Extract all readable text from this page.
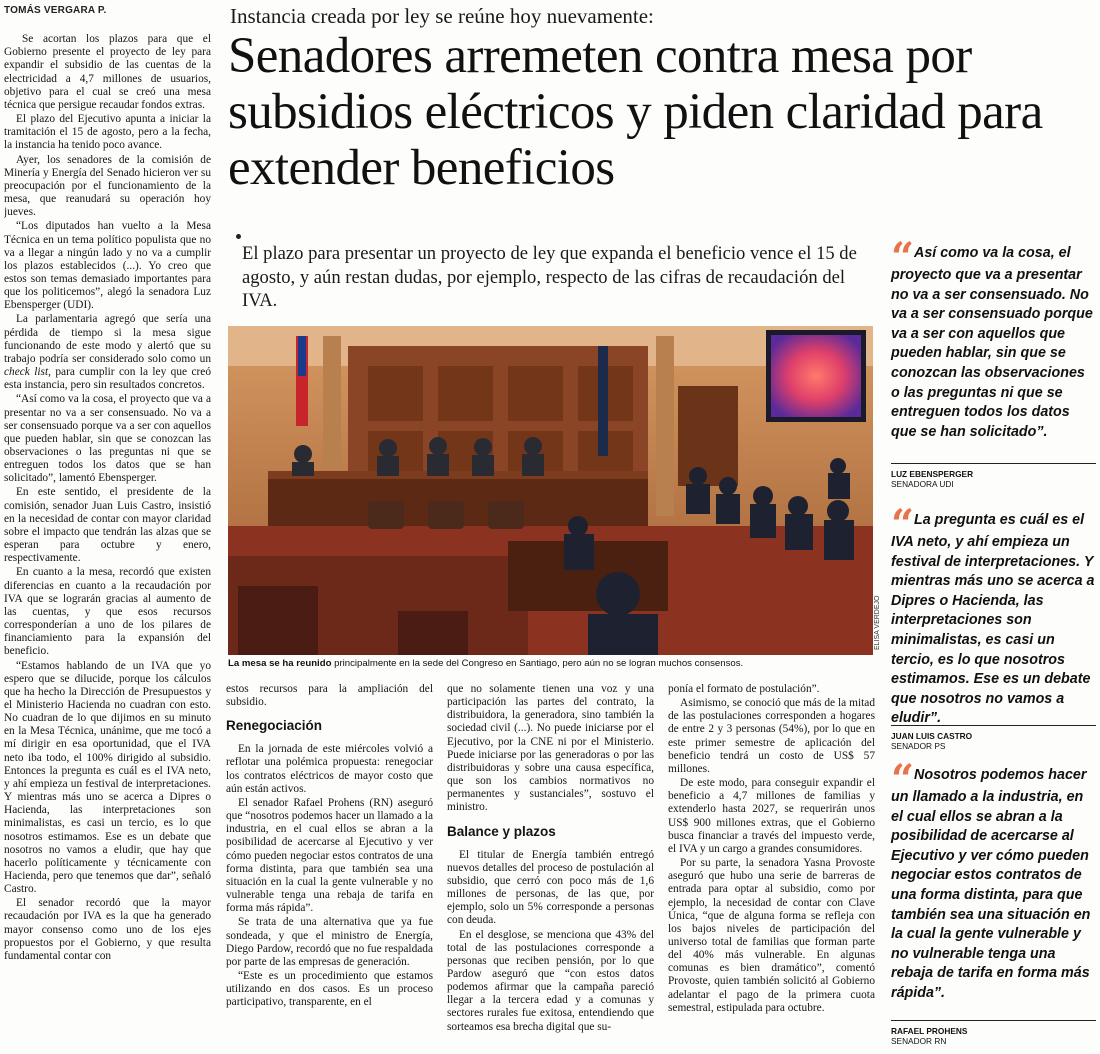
TOMÁS VERGARA P.

Se acortan los plazos para que el Gobierno presente el proyecto de ley para expandir el subsidio de las cuentas de la electricidad a 4,7 millones de usuarios, objetivo para el cual se creó una mesa técnica que persigue recaudar fondos extras.

El plazo del Ejecutivo apunta a iniciar la tramitación el 15 de agosto, pero a la fecha, la instancia ha tenido poco avance.

Ayer, los senadores de la comisión de Minería y Energía del Senado hicieron ver su preocupación por el funcionamiento de la mesa, que reanudará su operación hoy jueves.

“Los diputados han vuelto a la Mesa Técnica en un tema político populista que no va a llegar a ningún lado y no va a cumplir los plazos establecidos (...). Yo creo que estos son temas demasiado importantes para que los politicemos”, alegó la senadora Luz Ebensperger (UDI).

La parlamentaria agregó que sería una pérdida de tiempo si la mesa sigue funcionando de este modo y alertó que su trabajo podría ser considerado solo como un check list, para cumplir con la ley que creó esta instancia, pero sin resultados concretos.

“Así como va la cosa, el proyecto que va a presentar no va a ser consensuado. No va a ser consensuado porque va a ser con aquellos que pueden hablar, sin que se conozcan las observaciones o las preguntas ni que se entreguen todos los datos que se han solicitado”, lamentó Ebensperger.

En este sentido, el presidente de la comisión, senador Juan Luis Castro, insistió en la necesidad de contar con mayor claridad sobre el impacto que tendrán las alzas que se esperan para octubre y enero, respectivamente.

En cuanto a la mesa, recordó que existen diferencias en cuanto a la recaudación por IVA que se lograrán gracias al aumento de las cuentas, y que esos recursos corresponderían a uno de los pilares de financiamiento para la expansión del beneficio.

“Estamos hablando de un IVA que yo espero que se dilucide, porque los cálculos que ha hecho la Dirección de Presupuestos y el Ministerio Hacienda no cuadran con esto. No cuadran de lo que dijimos en su minuto en la Mesa Técnica, unánime, que me tocó a mí dirigir en esa oportunidad, que el IVA neto iba todo, el 100% dirigido al subsidio. Entonces la pregunta es cuál es el IVA neto, y ahí empieza un festival de interpretaciones. Y mientras más uno se acerca a Dipres o Hacienda, las interpretaciones son minimalistas, es casi un tercio, es lo que nosotros estimamos. Ese es un debate que nosotros no vamos a eludir, que hay que hacerlo políticamente y técnicamente con Hacienda, pero que tenemos que dar”, señaló Castro.

El senador recordó que la mayor recaudación por IVA es la que ha generado mayor consenso como uno de los ejes propuestos por el Gobierno, y que resulta fundamental contar con

Instancia creada por ley se reúne hoy nuevamente:
Senadores arremeten contra mesa por subsidios eléctricos y piden claridad para extender beneficios
El plazo para presentar un proyecto de ley que expanda el beneficio vence el 15 de agosto, y aún restan dudas, por ejemplo, respecto de las cifras de recaudación del IVA.
ELISA VERDEJO
La mesa se ha reunido principalmente en la sede del Congreso en Santiago, pero aún no se logran muchos consensos.

estos recursos para la ampliación del subsidio.

Renegociación

En la jornada de este miércoles volvió a reflotar una polémica propuesta: renegociar los contratos eléctricos de mayor costo que aún están activos.

El senador Rafael Prohens (RN) aseguró que “nosotros podemos hacer un llamado a la industria, en el cual ellos se abran a la posibilidad de acercarse al Ejecutivo y ver cómo pueden negociar estos contratos de una forma distinta, para que también sea una situación en la cual la gente vulnerable y no vulnerable tenga una rebaja de tarifa en forma más rápida”.

Se trata de una alternativa que ya fue sondeada, y que el ministro de Energía, Diego Pardow, recordó que no fue respaldada por parte de las empresas de generación.

“Este es un procedimiento que estamos utilizando en dos casos. Es un proceso participativo, transparente, en el

que no solamente tienen una voz y una participación las partes del contrato, la distribuidora, la generadora, sino también la sociedad civil (...). No puede iniciarse por el Ejecutivo, por la CNE ni por el Ministerio. Puede iniciarse por las generadoras o por las distribuidoras y sobre una causa específica, que son los cambios normativos no permanentes y sustanciales”, sostuvo el ministro.

Balance y plazos

El titular de Energía también entregó nuevos detalles del proceso de postulación al subsidio, que cerró con poco más de 1,6 millones de personas, de las que, por ejemplo, solo un 5% corresponde a personas con deuda.

En el desglose, se menciona que 43% del total de las postulaciones corresponde a personas que reciben pensión, por lo que Pardow aseguró que “con estos datos podemos afirmar que la campaña pareció llegar a la tercera edad y a comunas y sectores rurales fue exitosa, entendiendo que sorteamos esa brecha digital que su-

ponía el formato de postulación”.

Asimismo, se conoció que más de la mitad de las postulaciones corresponden a hogares de entre 2 y 3 personas (54%), por lo que en este primer semestre de aplicación del beneficio tendrá un costo de US$ 57 millones.

De este modo, para conseguir expandir el beneficio a 4,7 millones de familias y extenderlo hasta 2027, se requerirán unos US$ 900 millones extras, que el Gobierno busca financiar a través del impuesto verde, el IVA y un cargo a grandes consumidores.

Por su parte, la senadora Yasna Provoste aseguró que hubo una serie de barreras de entrada para optar al subsidio, como por ejemplo, la necesidad de contar con Clave Única, “que de alguna forma se refleja con los bajos niveles de participación del universo total de familias que forman parte del 40% más vulnerable. En algunas comunas es bien dramático”, comentó Provoste, quien también solicitó al Gobierno adelantar el pago de la primera cuota semestral, estipulada para octubre.

“ Así como va la cosa, el proyecto que va a presentar no va a ser consensuado. No va a ser consensuado porque va a ser con aquellos que pueden hablar, sin que se conozcan las observaciones o las preguntas ni que se entreguen todos los datos que se han solicitado”.
LUZ EBENSPERGER
SENADORA UDI
“ La pregunta es cuál es el IVA neto, y ahí empieza un festival de interpretaciones. Y mientras más uno se acerca a Dipres o Hacienda, las interpretaciones son minimalistas, es casi un tercio, es lo que nosotros estimamos. Ese es un debate que nosotros no vamos a eludir”.
JUAN LUIS CASTRO
SENADOR PS
“ Nosotros podemos hacer un llamado a la industria, en el cual ellos se abran a la posibilidad de acercarse al Ejecutivo y ver cómo pueden negociar estos contratos de una forma distinta, para que también sea una situación en la cual la gente vulnerable y no vulnerable tenga una rebaja de tarifa en forma más rápida”.
RAFAEL PROHENS
SENADOR RN
